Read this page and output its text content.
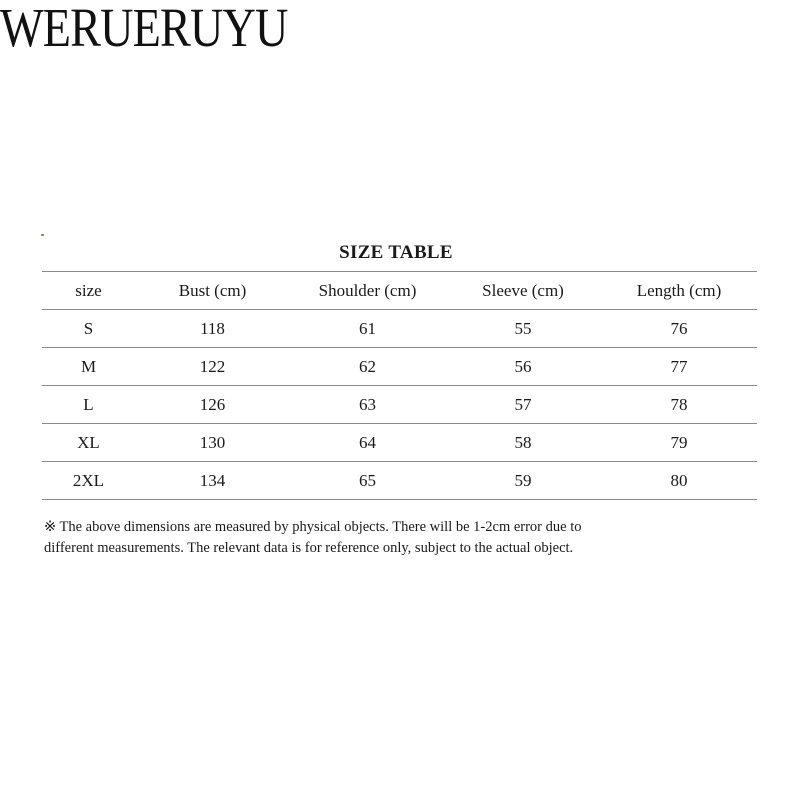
WERUERUYU
SIZE TABLE
size	Bust (cm)	Shoulder (cm)	Sleeve (cm)	Length (cm)
S	118	61	55	76
M	122	62	56	77
L	126	63	57	78
XL	130	64	58	79
2XL	134	65	59	80
※ The above dimensions are measured by physical objects. There will be 1-2cm error due to
different measurements. The relevant data is for reference only, subject to the actual object.
